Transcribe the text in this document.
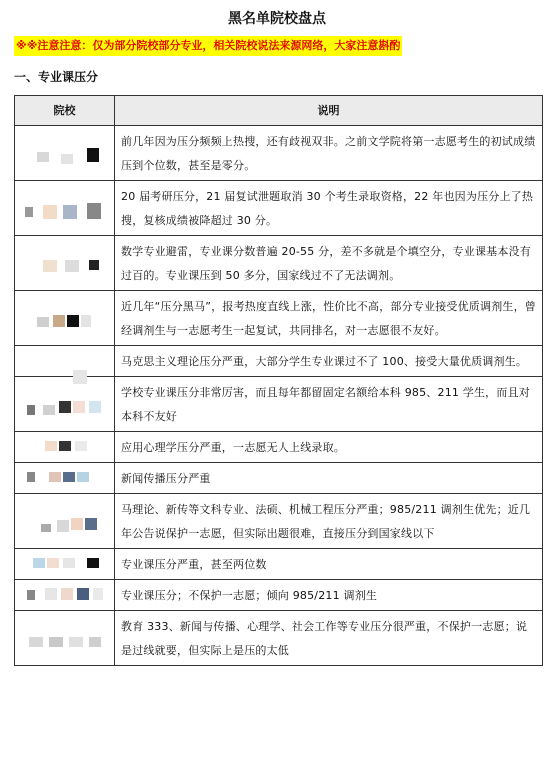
黑名单院校盘点
※※注意注意：仅为部分院校部分专业，相关院校说法来源网络，大家注意斟酌
一、专业课压分
院校	说明

	前几年因为压分频频上热搜，还有歧视双非。之前文学院将第一志愿考生的初试成绩压到个位数，甚至是零分。

	20 届考研压分，21 届复试泄题取消 30 个考生录取资格，22 年也因为压分上了热搜，复核成绩被降超过 30 分。

	数学专业避雷，专业课分数普遍 20-55 分，差不多就是个填空分，专业课基本没有过百的。专业课压到 50 多分，国家线过不了无法调剂。

	近几年“压分黑马”，报考热度直线上涨，性价比不高，部分专业接受优质调剂生，曾经调剂生与一志愿考生一起复试，共同排名，对一志愿很不友好。

	马克思主义理论压分严重，大部分学生专业课过不了 100、接受大量优质调剂生。

	学校专业课压分非常厉害，而且每年都留固定名额给本科 985、211 学生，而且对本科不友好

	应用心理学压分严重，一志愿无人上线录取。

	新闻传播压分严重

	马理论、新传等文科专业、法硕、机械工程压分严重；985/211 调剂生优先；近几年公告说保护一志愿，但实际出题很难，直接压分到国家线以下

	专业课压分严重，甚至两位数

	专业课压分；不保护一志愿；倾向 985/211 调剂生

	教育 333、新闻与传播、心理学、社会工作等专业压分很严重，不保护一志愿；说是过线就要，但实际上是压的太低
